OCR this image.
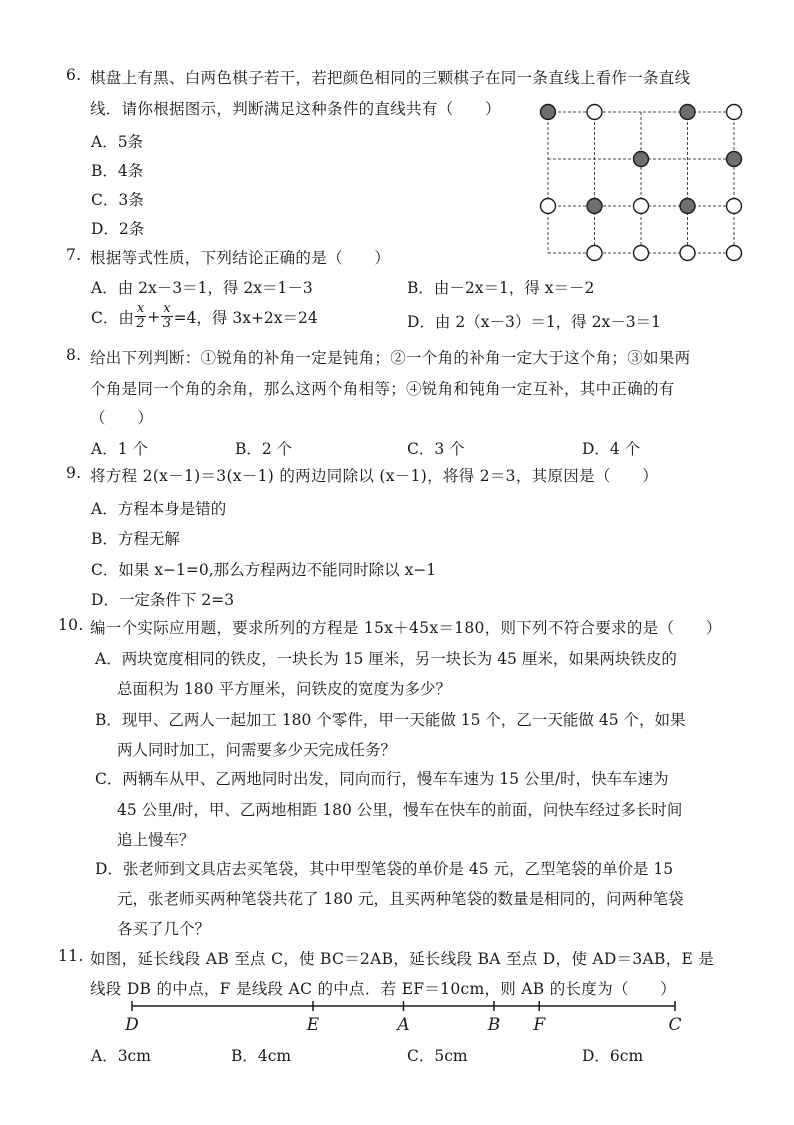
6. 棋盘上有黑、白两色棋子若干，若把颜色相同的三颗棋子在同一条直线上看作一条直线
线．请你根据图示，判断满足这种条件的直线共有（　　）
A．5条
B．4条
C．3条
D．2条
7. 根据等式性质，下列结论正确的是（　　）
A．由 2x－3＝1，得 2x＝1－3	B．由－2x＝1，得 x＝－2
C．由 $\frac{x}{2} + \frac{x}{3} =4$，得 3x+2x＝24	D．由 2（x－3）＝1，得 2x－3＝1
8. 给出下列判断：①锐角的补角一定是钝角；②一个角的补角一定大于这个角；③如果两
个角是同一个角的余角，那么这两个角相等；④锐角和钝角一定互补，其中正确的有
（　　）
A．1 个	B．2 个	C．3 个	D．4 个
9. 将方程 2(x－1)＝3(x－1) 的两边同除以 (x－1)，将得 2＝3，其原因是（　　）
A．方程本身是错的
B．方程无解
C．如果 x−1=0,那么方程两边不能同时除以 x−1
D．一定条件下 2=3
10. 编一个实际应用题，要求所列的方程是 15x＋45x＝180，则下列不符合要求的是（　　）
A．两块宽度相同的铁皮，一块长为 15 厘米，另一块长为 45 厘米，如果两块铁皮的
总面积为 180 平方厘米，问铁皮的宽度为多少？
B．现甲、乙两人一起加工 180 个零件，甲一天能做 15 个，乙一天能做 45 个，如果
两人同时加工，问需要多少天完成任务？
C．两辆车从甲、乙两地同时出发，同向而行，慢车车速为 15 公里/时，快车车速为
45 公里/时，甲、乙两地相距 180 公里，慢车在快车的前面，问快车经过多长时间
追上慢车？
D．张老师到文具店去买笔袋，其中甲型笔袋的单价是 45 元，乙型笔袋的单价是 15
元，张老师买两种笔袋共花了 180 元，且买两种笔袋的数量是相同的，问两种笔袋
各买了几个？
11. 如图，延长线段 AB 至点 C，使 BC＝2AB，延长线段 BA 至点 D，使 AD＝3AB，E 是
线段 DB 的中点，F 是线段 AC 的中点．若 EF＝10cm，则 AB 的长度为（　　）
D	E	A	B F	C
A．3cm	B．4cm	C．5cm	D．6cm
